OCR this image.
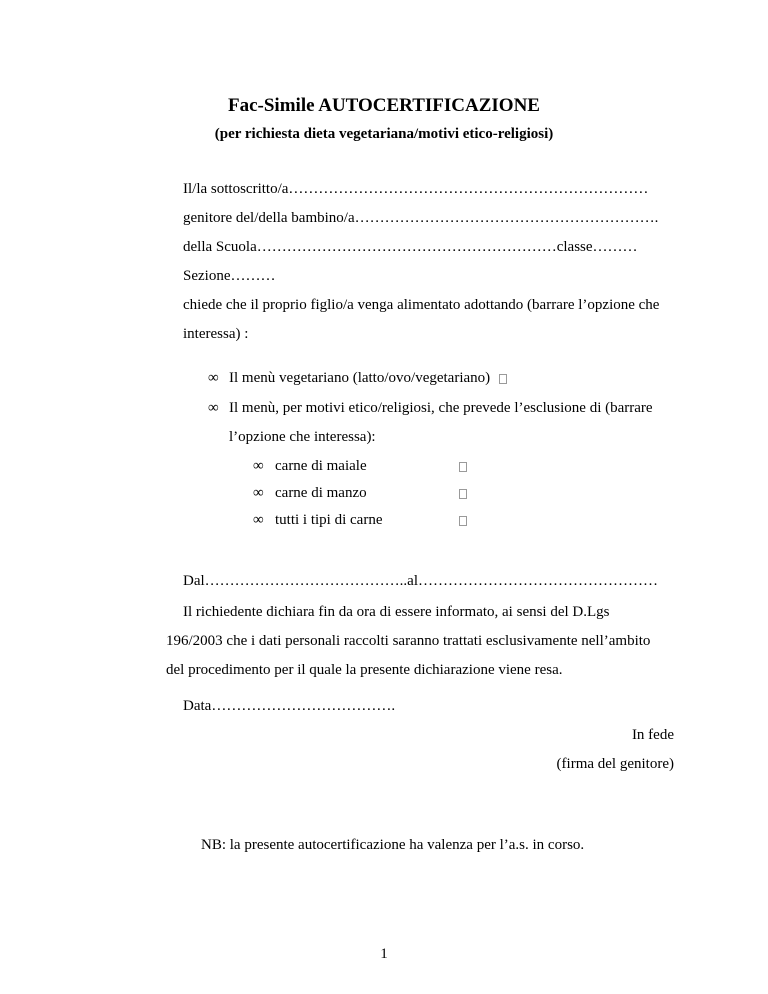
Fac-Simile AUTOCERTIFICAZIONE
(per richiesta dieta vegetariana/motivi etico-religiosi)
Il/la sottoscritto/a………………………………………………………………
genitore del/della bambino/a…………………………………………………….
della Scuola……………………………………………………classe………
Sezione………
chiede che il proprio figlio/a venga alimentato adottando (barrare l’opzione che
interessa) :
∞ Il menù vegetariano (latto/ovo/vegetariano)
∞ Il menù, per motivi etico/religiosi, che prevede l’esclusione di (barrare
l’opzione che interessa):
∞ carne di maiale
∞ carne di manzo
∞ tutti i tipi di carne
Dal…………………………………..al…………………………………………
Il richiedente dichiara fin da ora di essere informato, ai sensi del D.Lgs
196/2003 che i dati personali raccolti saranno trattati esclusivamente nell’ambito
del procedimento per il quale la presente dichiarazione viene resa.
Data……………………………….
In fede
(firma del genitore)
NB: la presente autocertificazione ha valenza per l’a.s. in corso.
1
